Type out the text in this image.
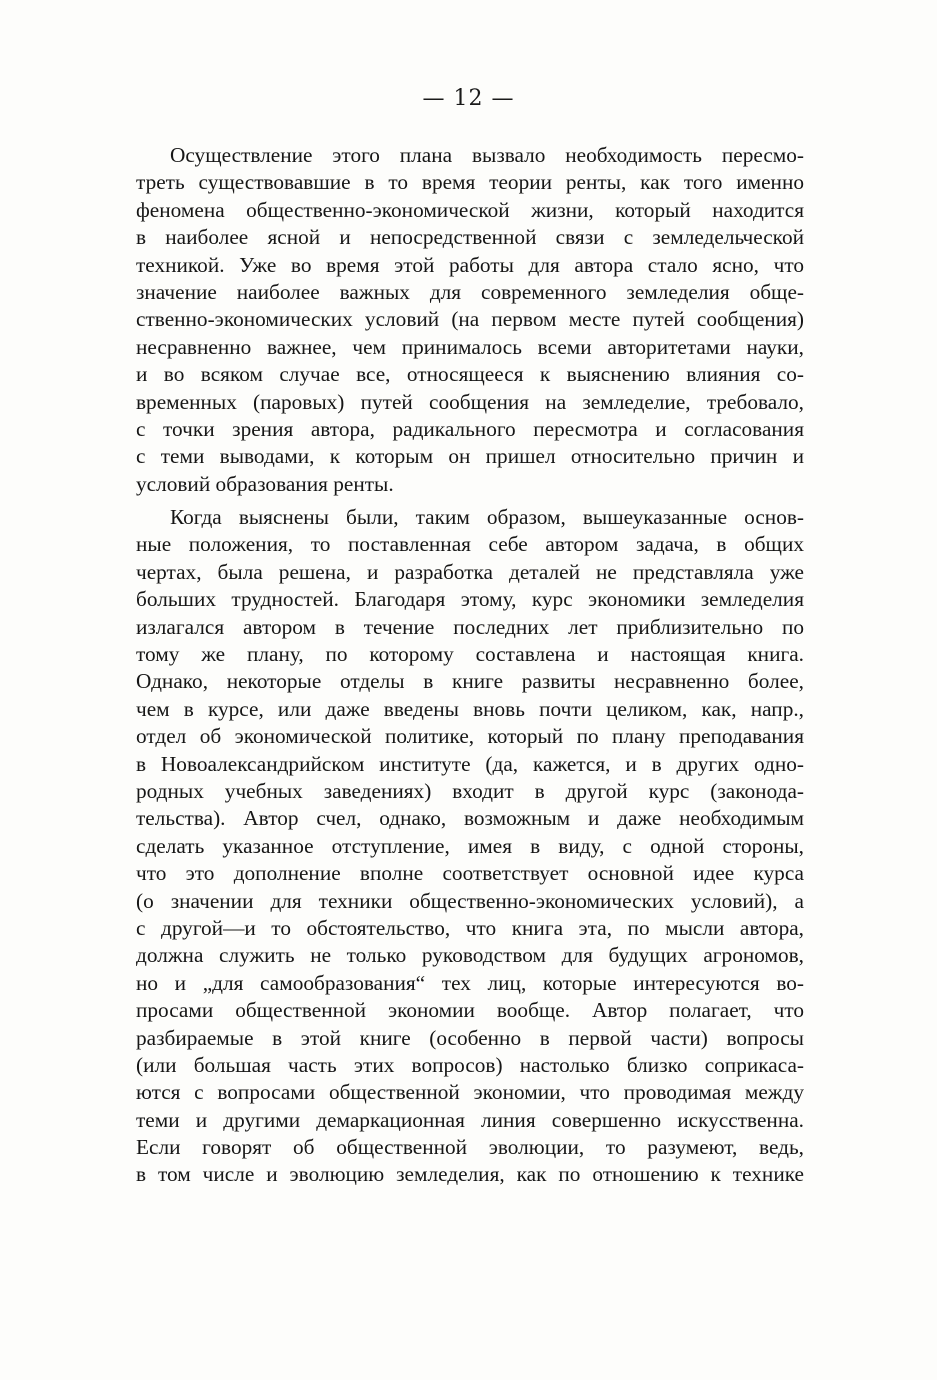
— 12 —
Осуществление этого плана вызвало необходимость пересмо-
треть существовавшие в то время теории ренты, как того именно
феномена общественно-экономической жизни, который находится
в наиболее ясной и непосредственной связи с земледельческой
техникой. Уже во время этой работы для автора стало ясно, что
значение наиболее важных для современного земледелия обще-
ственно-экономических условий (на первом месте путей сообщения)
несравненно важнее, чем принималось всеми авторитетами науки,
и во всяком случае все, относящееся к выяснению влияния со-
временных (паровых) путей сообщения на земледелие, требовало,
с точки зрения автора, радикального пересмотра и согласования
с теми выводами, к которым он пришел относительно причин и
условий образования ренты.
Когда выяснены были, таким образом, вышеуказанные основ-
ные положения, то поставленная себе автором задача, в общих
чертах, была решена, и разработка деталей не представляла уже
больших трудностей. Благодаря этому, курс экономики земледелия
излагался автором в течение последних лет приблизительно по
тому же плану, по которому составлена и настоящая книга.
Однако, некоторые отделы в книге развиты несравненно более,
чем в курсе, или даже введены вновь почти целиком, как, напр.,
отдел об экономической политике, который по плану преподавания
в Новоалександрийском институте (да, кажется, и в других одно-
родных учебных заведениях) входит в другой курс (законода-
тельства). Автор счел, однако, возможным и даже необходимым
сделать указанное отступление, имея в виду, с одной стороны,
что это дополнение вполне соответствует основной идее курса
(о значении для техники общественно-экономических условий), а
с другой—и то обстоятельство, что книга эта, по мысли автора,
должна служить не только руководством для будущих агрономов,
но и „для самообразования“ тех лиц, которые интересуются во-
просами общественной экономии вообще. Автор полагает, что
разбираемые в этой книге (особенно в первой части) вопросы
(или большая часть этих вопросов) настолько близко соприкаса-
ются с вопросами общественной экономии, что проводимая между
теми и другими демаркационная линия совершенно искусственна.
Если говорят об общественной эволюции, то разумеют, ведь,
в том числе и эволюцию земледелия, как по отношению к технике
